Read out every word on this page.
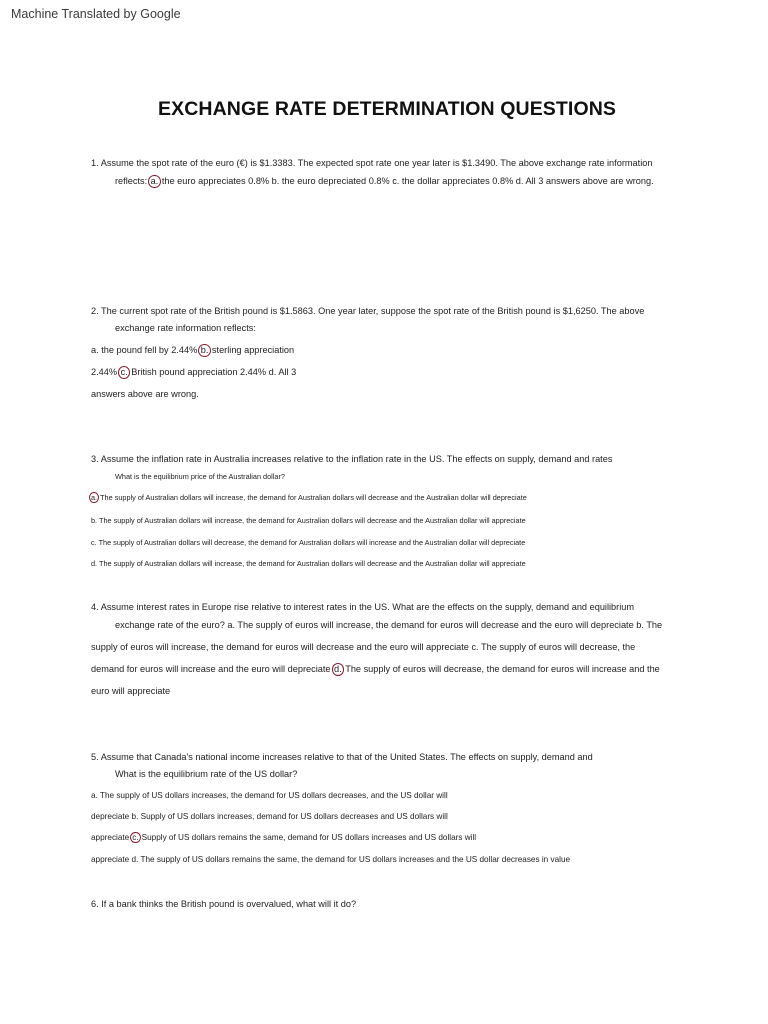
Machine Translated by Google
EXCHANGE RATE DETERMINATION QUESTIONS
1. Assume the spot rate of the euro (€) is $1.3383. The expected spot rate one year later is $1.3490. The above exchange rate information
reflects: a. the euro appreciates 0.8% b. the euro depreciated 0.8% c. the dollar appreciates 0.8% d. All 3 answers above are wrong.
2. The current spot rate of the British pound is $1.5863. One year later, suppose the spot rate of the British pound is $1,6250. The above
exchange rate information reflects:
a. the pound fell by 2.44% b. sterling appreciation
2.44% c. British pound appreciation 2.44% d. All 3
answers above are wrong.
3. Assume the inflation rate in Australia increases relative to the inflation rate in the US. The effects on supply, demand and rates
What is the equilibrium price of the Australian dollar?
a. The supply of Australian dollars will increase, the demand for Australian dollars will decrease and the Australian dollar will depreciate
b. The supply of Australian dollars will increase, the demand for Australian dollars will decrease and the Australian dollar will appreciate
c. The supply of Australian dollars will decrease, the demand for Australian dollars will increase and the Australian dollar will depreciate
d. The supply of Australian dollars will increase, the demand for Australian dollars will decrease and the Australian dollar will appreciate
4. Assume interest rates in Europe rise relative to interest rates in the US. What are the effects on the supply, demand and equilibrium
exchange rate of the euro? a. The supply of euros will increase, the demand for euros will decrease and the euro will depreciate b. The
supply of euros will increase, the demand for euros will decrease and the euro will appreciate c. The supply of euros will decrease, the
demand for euros will increase and the euro will depreciate d. The supply of euros will decrease, the demand for euros will increase and the
euro will appreciate
5. Assume that Canada's national income increases relative to that of the United States. The effects on supply, demand and
What is the equilibrium rate of the US dollar?
a. The supply of US dollars increases, the demand for US dollars decreases, and the US dollar will
depreciate b. Supply of US dollars increases, demand for US dollars decreases and US dollars will
appreciate c. Supply of US dollars remains the same, demand for US dollars increases and US dollars will
appreciate d. The supply of US dollars remains the same, the demand for US dollars increases and the US dollar decreases in value
6. If a bank thinks the British pound is overvalued, what will it do?
